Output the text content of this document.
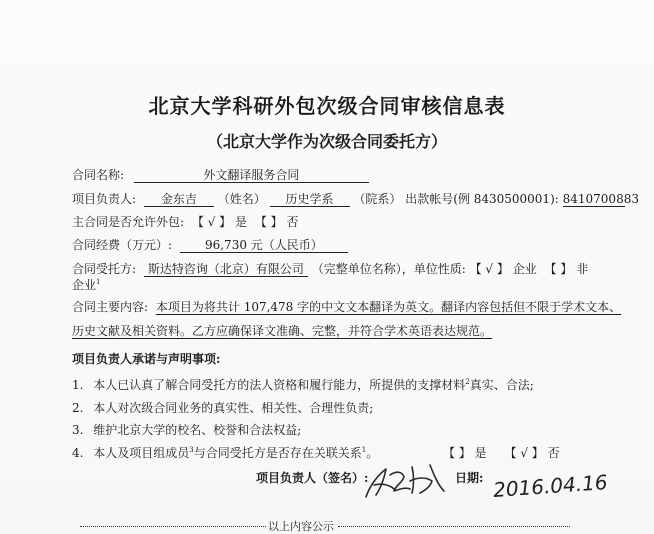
北京大学科研外包次级合同审核信息表
（北京大学作为次级合同委托方）
合同名称:	外文翻译服务合同
项目负责人: 金东吉 （姓名） 历史学系 （院系） 出款帐号(例 8430500001): 8410700883
主合同是否允许外包: 【 √ 】 是 【 】 否
合同经费（万元）:	96,730 元（人民币）
合同受托方: 斯达特咨询（北京）有限公司 （完整单位名称），单位性质: 【 √ 】 企业 【 】 非
企业$^1$
合同主要内容: 本项目为将共计 107,478 字的中文文本翻译为英文。翻译内容包括但不限于学术文本、
历史文献及相关资料。乙方应确保译文准确、完整，并符合学术英语表达规范。
项目负责人承诺与声明事项:
1. 本人已认真了解合同受托方的法人资格和履行能力，所提供的支撑材料$^2$真实、合法;
2. 本人对次级合同业务的真实性、相关性、合理性负责;
3. 维护北京大学的校名、校誉和合法权益;
4. 本人及项目组成员$^3$与合同受托方是否存在关联关系$^1$。	【 】 是 【 √ 】 否
项目负责人（签名）:	日期: 2016.04.16
以上内容公示
